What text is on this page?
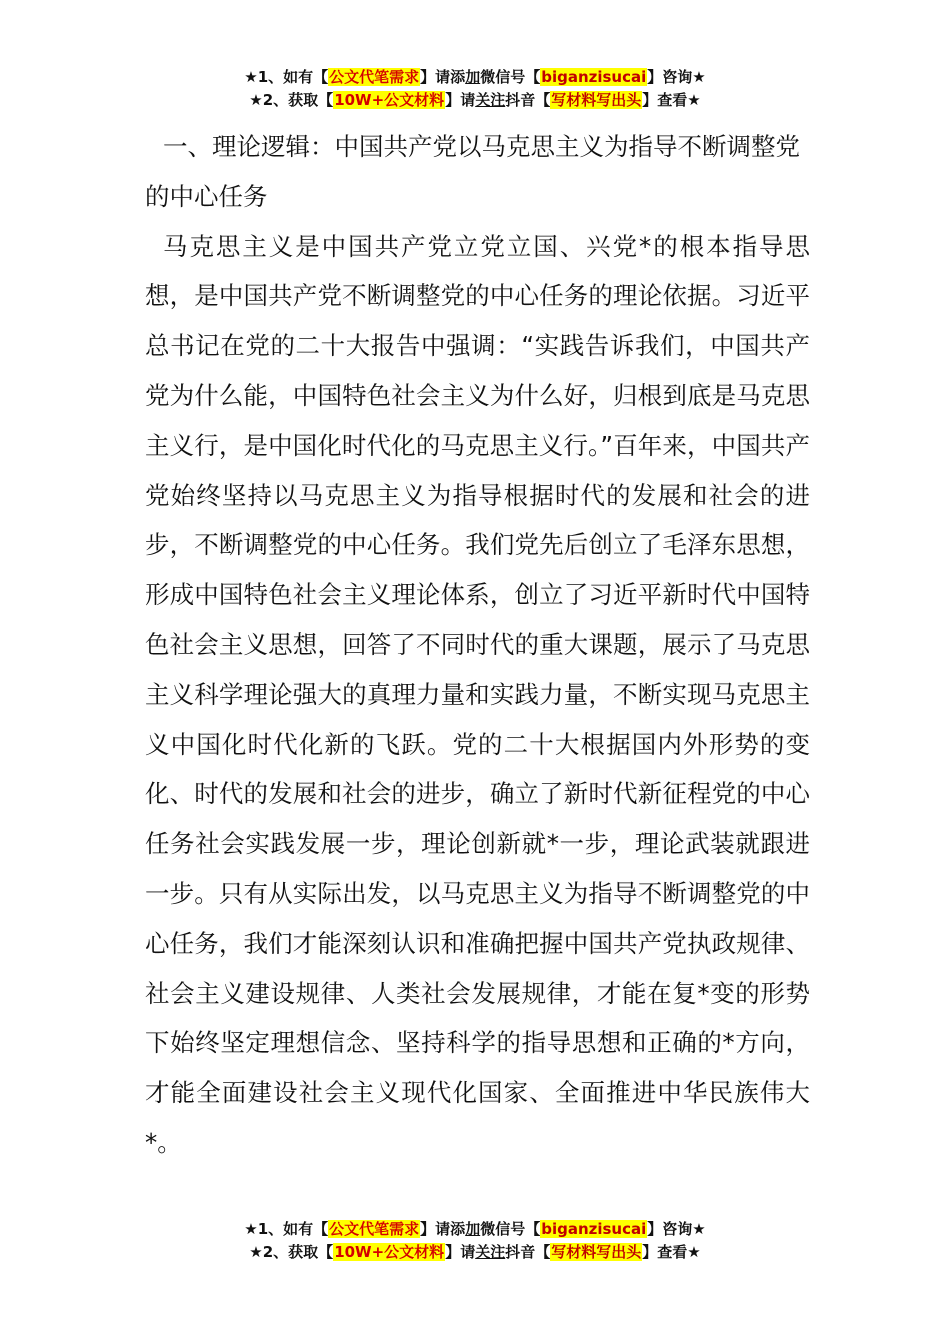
★1、如有【公文代笔需求】请添加微信号【biganzisucai】咨询★
★2、获取【10W+公文材料】请关注抖音【写材料写出头】查看★

一、理论逻辑：中国共产党以马克思主义为指导不断调整党的中心任务

马克思主义是中国共产党立党立国、兴党*的根本指导思想，是中国共产党不断调整党的中心任务的理论依据。习近平总书记在党的二十大报告中强调：“实践告诉我们，中国共产党为什么能，中国特色社会主义为什么好，归根到底是马克思主义行，是中国化时代化的马克思主义行。”百年来，中国共产党始终坚持以马克思主义为指导根据时代的发展和社会的进步，不断调整党的中心任务。我们党先后创立了毛泽东思想，形成中国特色社会主义理论体系，创立了习近平新时代中国特色社会主义思想，回答了不同时代的重大课题，展示了马克思主义科学理论强大的真理力量和实践力量，不断实现马克思主义中国化时代化新的飞跃。党的二十大根据国内外形势的变化、时代的发展和社会的进步，确立了新时代新征程党的中心任务社会实践发展一步，理论创新就*一步，理论武装就跟进一步。只有从实际出发，以马克思主义为指导不断调整党的中心任务，我们才能深刻认识和准确把握中国共产党执政规律、社会主义建设规律、人类社会发展规律，才能在复*变的形势下始终坚定理想信念、坚持科学的指导思想和正确的*方向，才能全面建设社会主义现代化国家、全面推进中华民族伟大*。

★1、如有【公文代笔需求】请添加微信号【biganzisucai】咨询★
★2、获取【10W+公文材料】请关注抖音【写材料写出头】查看★
